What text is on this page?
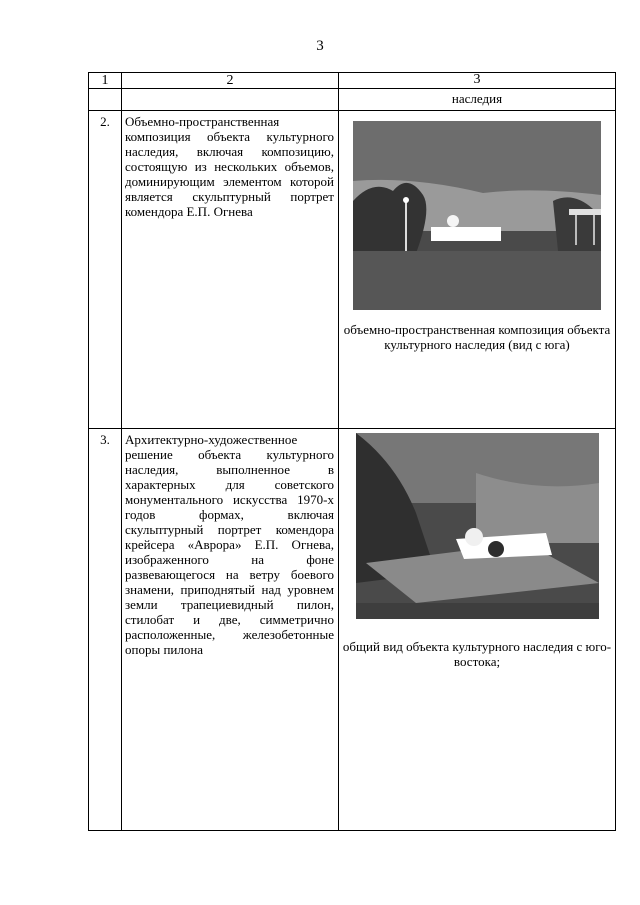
3
1	2	3
		наследия
2.	Объемно-пространственная композиция объекта культурного наследия, включая композицию, состоящую из нескольких объемов, доминирующим элементом которой является скульптурный портрет комендора Е.П. Огнева	объемно-пространственная композиция объекта культурного наследия (вид с юга)

3.	Архитектурно-художественное решение объекта культурного наследия, выполненное в характерных для советского монументального искусства 1970-х годов формах, включая скульптурный портрет комендора крейсера «Аврора» Е.П. Огнева, изображенного на фоне развевающегося на ветру боевого знамени, приподнятый над уровнем земли трапециевидный пилон, стилобат и две, симметрично расположенные, железобетонные опоры пилона	общий вид объекта культурного наследия с юго-востока;
